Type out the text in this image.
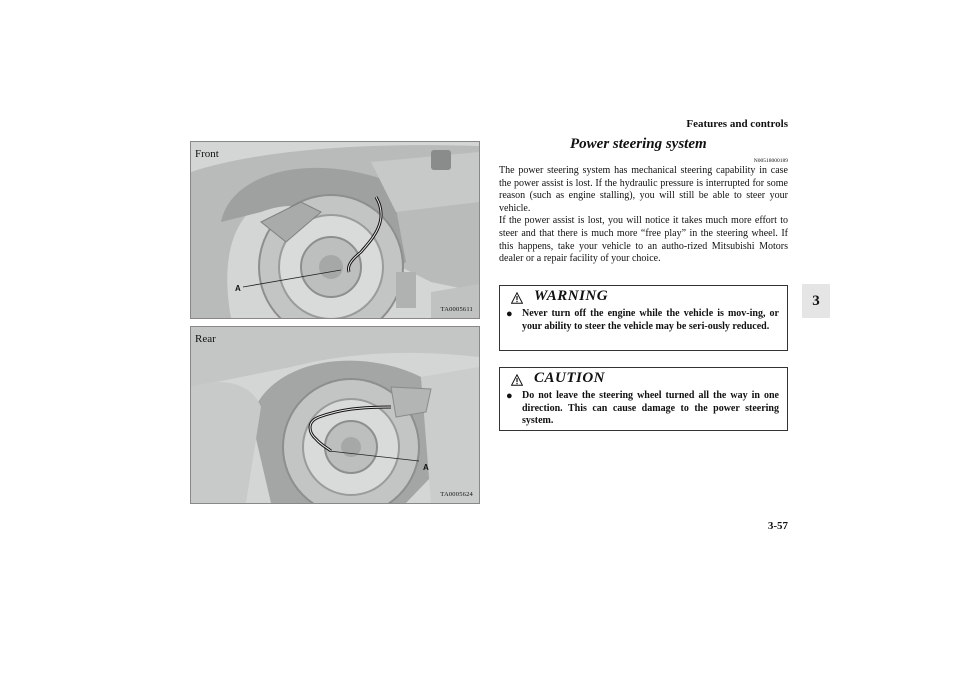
Features and controls
3
Front
A
TA0005611
Rear
A
TA0005624
Power steering system
N00518000189

The power steering system has mechanical steering capability in case the power assist is lost. If the hydraulic pressure is interrupted for some reason (such as engine stalling), you will still be able to steer your vehicle.

If the power assist is lost, you will notice it takes much more effort to steer and that there is much more “free play” in the steering wheel. If this happens, take your vehicle to an autho-rized Mitsubishi Motors dealer or a repair facility of your choice.

WARNING
● Never turn off the engine while the vehicle is mov-ing, or your ability to steer the vehicle may be seri-ously reduced.
CAUTION
● Do not leave the steering wheel turned all the way in one direction. This can cause damage to the power steering system.
3-57
